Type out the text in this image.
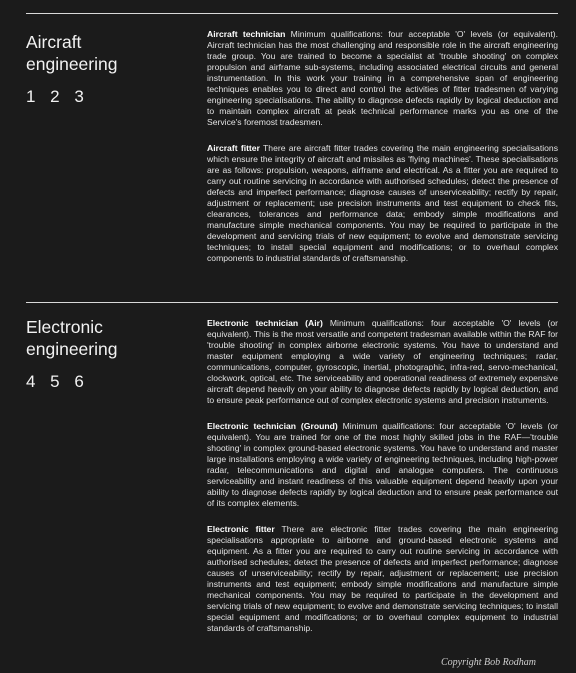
Aircraft
engineering
1 2 3

Aircraft technician Minimum qualifications: four acceptable 'O' levels (or equivalent). Aircraft technician has the most challenging and responsible role in the aircraft engineering trade group. You are trained to become a specialist at 'trouble shooting' on complex propulsion and airframe sub-systems, including associated electrical circuits and general instrumentation. In this work your training in a comprehensive span of engineering techniques enables you to direct and control the activities of fitter tradesmen of varying engineering specialisations. The ability to diagnose defects rapidly by logical deduction and to maintain complex aircraft at peak technical performance marks you as one of the Service's foremost tradesmen.

Aircraft fitter There are aircraft fitter trades covering the main engineering specialisations which ensure the integrity of aircraft and missiles as 'flying machines'. These specialisations are as follows: propulsion, weapons, airframe and electrical. As a fitter you are required to carry out routine servicing in accordance with authorised schedules; detect the presence of defects and imperfect performance; diagnose causes of unserviceability; rectify by repair, adjustment or replacement; use precision instruments and test equipment to check fits, clearances, tolerances and performance data; embody simple modifications and manufacture simple mechanical components. You may be required to participate in the development and servicing trials of new equipment; to evolve and demonstrate servicing techniques; to install special equipment and modifications; or to overhaul complex components to industrial standards of craftsmanship.

Electronic
engineering
4 5 6

Electronic technician (Air) Minimum qualifications: four acceptable 'O' levels (or equivalent). This is the most versatile and competent tradesman available within the RAF for 'trouble shooting' in complex airborne electronic systems. You have to understand and master equipment employing a wide variety of engineering techniques; radar, communications, computer, gyroscopic, inertial, photographic, infra-red, servo-mechanical, clockwork, optical, etc. The serviceability and operational readiness of extremely expensive aircraft depend heavily on your ability to diagnose defects rapidly by logical deduction, and to ensure peak performance out of complex electronic systems and precision instruments.

Electronic technician (Ground) Minimum qualifications: four acceptable 'O' levels (or equivalent). You are trained for one of the most highly skilled jobs in the RAF—'trouble shooting' in complex ground-based electronic systems. You have to understand and master large installations employing a wide variety of engineering techniques, including high-power radar, telecommunications and digital and analogue computers. The continuous serviceability and instant readiness of this valuable equipment depend heavily upon your ability to diagnose defects rapidly by logical deduction and to ensure peak performance out of its complex elements.

Electronic fitter There are electronic fitter trades covering the main engineering specialisations appropriate to airborne and ground-based electronic systems and equipment. As a fitter you are required to carry out routine servicing in accordance with authorised schedules; detect the presence of defects and imperfect performance; diagnose causes of unserviceability; rectify by repair, adjustment or replacement; use precision instruments and test equipment; embody simple modifications and manufacture simple mechanical components. You may be required to participate in the development and servicing trials of new equipment; to evolve and demonstrate servicing techniques; to install special equipment and modifications; or to overhaul complex equipment to industrial standards of craftsmanship.

Copyright Bob Rodham
